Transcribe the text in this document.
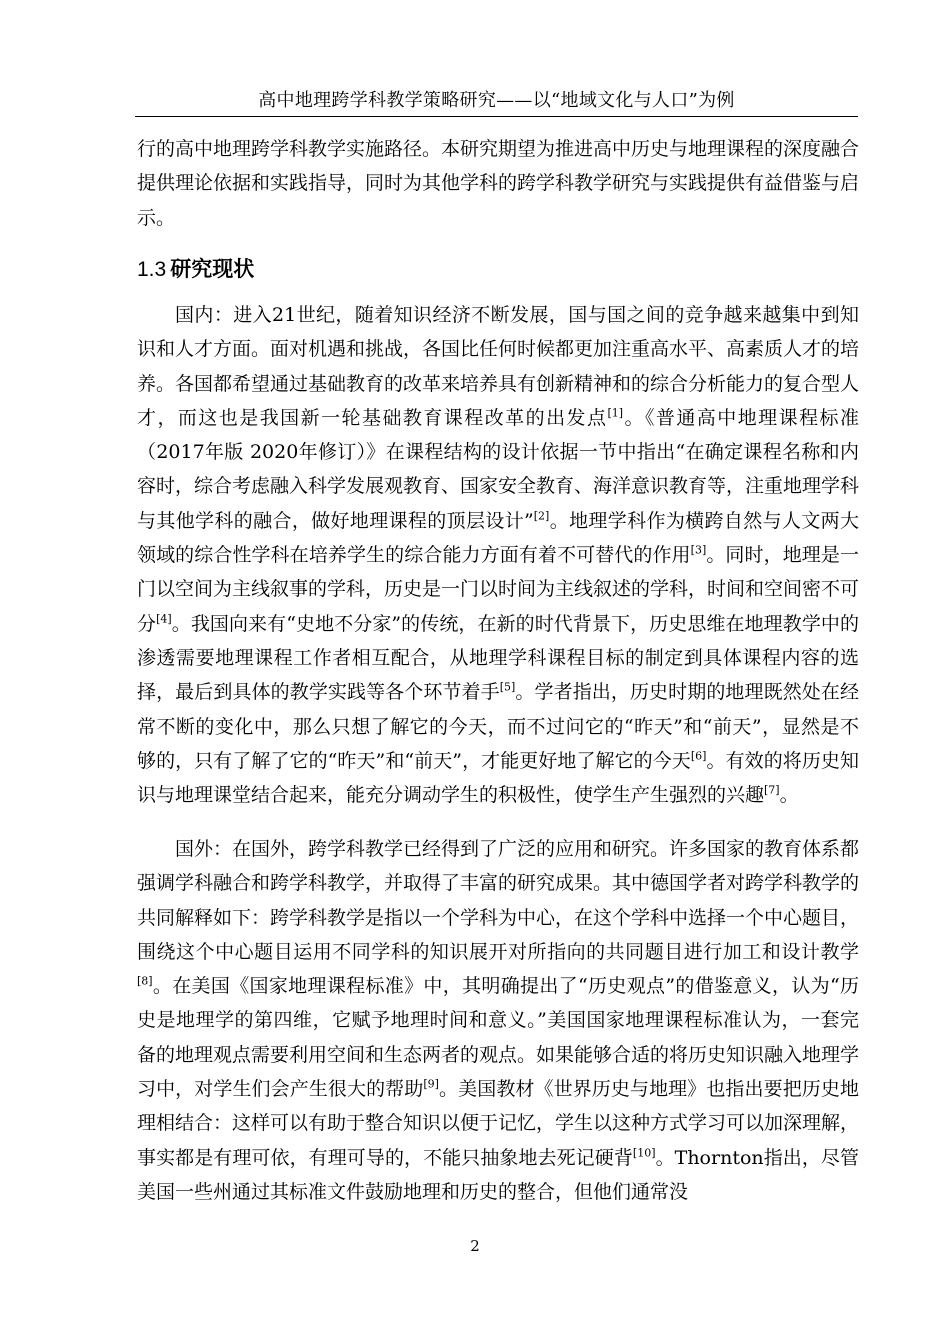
高中地理跨学科教学策略研究——以“地域文化与人口”为例

行的高中地理跨学科教学实施路径。本研究期望为推进高中历史与地理课程的深度融合提供理论依据和实践指导，同时为其他学科的跨学科教学研究与实践提供有益借鉴与启示。

1.3 研究现状

国内：进入21世纪，随着知识经济不断发展，国与国之间的竞争越来越集中到知识和人才方面。面对机遇和挑战，各国比任何时候都更加注重高水平、高素质人才的培养。各国都希望通过基础教育的改革来培养具有创新精神和的综合分析能力的复合型人才，而这也是我国新一轮基础教育课程改革的出发点[1]。《普通高中地理课程标准（2017年版 2020年修订）》在课程结构的设计依据一节中指出“在确定课程名称和内容时，综合考虑融入科学发展观教育、国家安全教育、海洋意识教育等，注重地理学科与其他学科的融合，做好地理课程的顶层设计”[2]。地理学科作为横跨自然与人文两大领域的综合性学科在培养学生的综合能力方面有着不可替代的作用[3]。同时，地理是一门以空间为主线叙事的学科，历史是一门以时间为主线叙述的学科，时间和空间密不可分[4]。我国向来有“史地不分家”的传统，在新的时代背景下，历史思维在地理教学中的渗透需要地理课程工作者相互配合，从地理学科课程目标的制定到具体课程内容的选择，最后到具体的教学实践等各个环节着手[5]。学者指出，历史时期的地理既然处在经常不断的变化中，那么只想了解它的今天，而不过问它的“昨天”和“前天”，显然是不够的，只有了解了它的“昨天”和“前天”，才能更好地了解它的今天[6]。有效的将历史知识与地理课堂结合起来，能充分调动学生的积极性，使学生产生强烈的兴趣[7]。

国外：在国外，跨学科教学已经得到了广泛的应用和研究。许多国家的教育体系都强调学科融合和跨学科教学，并取得了丰富的研究成果。其中德国学者对跨学科教学的共同解释如下：跨学科教学是指以一个学科为中心，在这个学科中选择一个中心题目，围绕这个中心题目运用不同学科的知识展开对所指向的共同题目进行加工和设计教学[8]。在美国《国家地理课程标准》中，其明确提出了“历史观点”的借鉴意义，认为“历史是地理学的第四维，它赋予地理时间和意义。”美国国家地理课程标准认为，一套完备的地理观点需要利用空间和生态两者的观点。如果能够合适的将历史知识融入地理学习中，对学生们会产生很大的帮助[9]。美国教材《世界历史与地理》也指出要把历史地理相结合：这样可以有助于整合知识以便于记忆，学生以这种方式学习可以加深理解，事实都是有理可依，有理可导的，不能只抽象地去死记硬背[10]。Thornton指出，尽管美国一些州通过其标准文件鼓励地理和历史的整合，但他们通常没

2
